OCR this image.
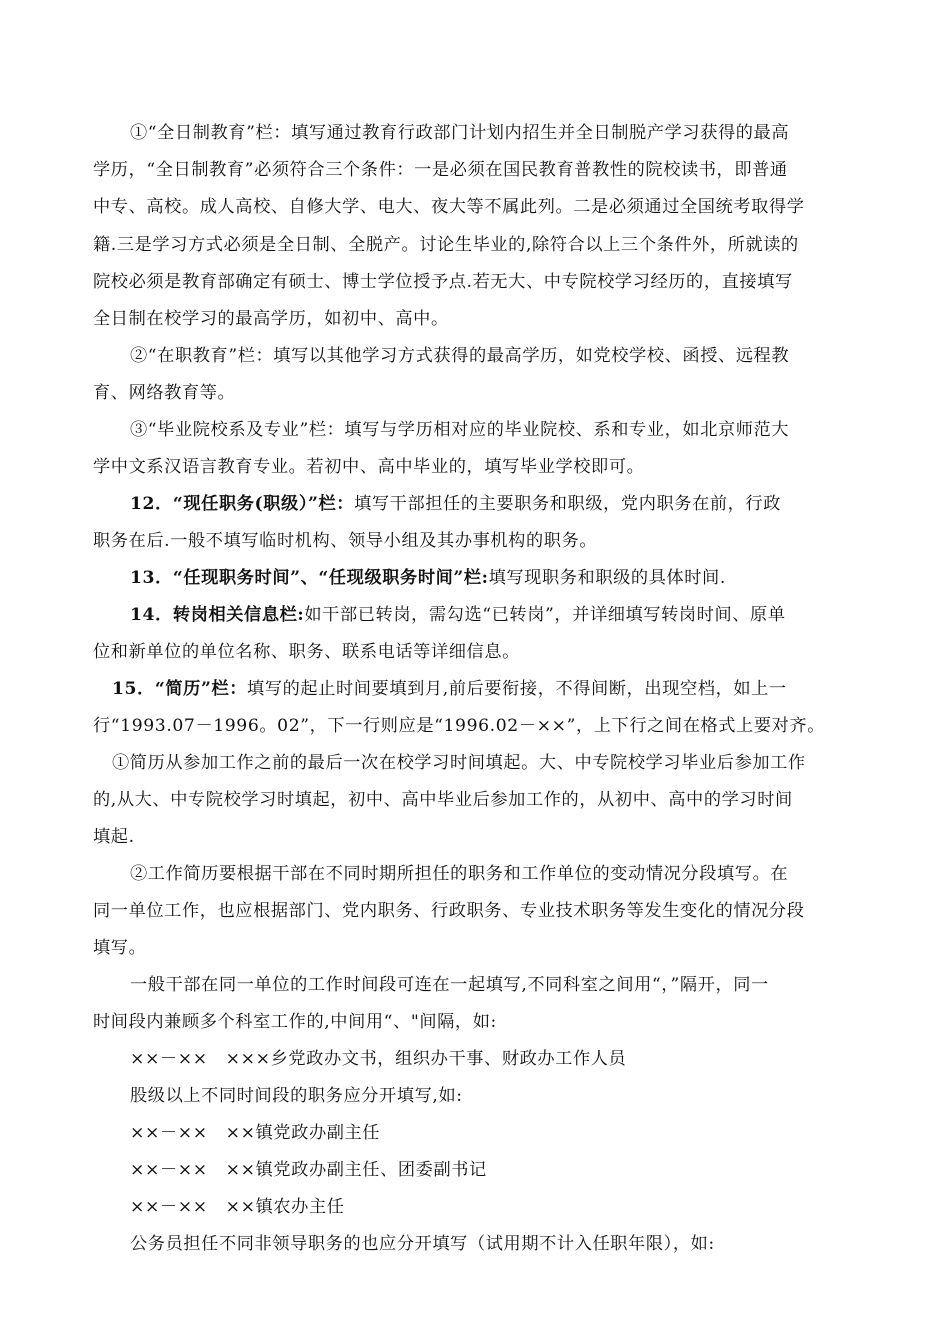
①“全日制教育”栏：填写通过教育行政部门计划内招生并全日制脱产学习获得的最高
学历，“全日制教育”必须符合三个条件：一是必须在国民教育普教性的院校读书，即普通
中专、高校。成人高校、自修大学、电大、夜大等不属此列。二是必须通过全国统考取得学
籍.三是学习方式必须是全日制、全脱产。讨论生毕业的,除符合以上三个条件外，所就读的
院校必须是教育部确定有硕士、博士学位授予点.若无大、中专院校学习经历的，直接填写
全日制在校学习的最高学历，如初中、高中。
②“在职教育”栏：填写以其他学习方式获得的最高学历，如党校学校、函授、远程教
育、网络教育等。
③“毕业院校系及专业”栏：填写与学历相对应的毕业院校、系和专业，如北京师范大
学中文系汉语言教育专业。若初中、高中毕业的，填写毕业学校即可。
12．“现任职务(职级）”栏：填写干部担任的主要职务和职级，党内职务在前，行政
职务在后.一般不填写临时机构、领导小组及其办事机构的职务。
13．“任现职务时间”、“任现级职务时间”栏:填写现职务和职级的具体时间.
14．转岗相关信息栏:如干部已转岗，需勾选“已转岗”，并详细填写转岗时间、原单
位和新单位的单位名称、职务、联系电话等详细信息。
15．“简历”栏：填写的起止时间要填到月,前后要衔接，不得间断，出现空档，如上一
行“1993.07－1996。02”，下一行则应是“1996.02－××”，上下行之间在格式上要对齐。
①简历从参加工作之前的最后一次在校学习时间填起。大、中专院校学习毕业后参加工作
的,从大、中专院校学习时填起，初中、高中毕业后参加工作的，从初中、高中的学习时间
填起.
②工作简历要根据干部在不同时期所担任的职务和工作单位的变动情况分段填写。在
同一单位工作，也应根据部门、党内职务、行政职务、专业技术职务等发生变化的情况分段
填写。
一般干部在同一单位的工作时间段可连在一起填写,不同科室之间用“，”隔开，同一
时间段内兼顾多个科室工作的,中间用“、"间隔，如:
××－××　×××乡党政办文书，组织办干事、财政办工作人员
股级以上不同时间段的职务应分开填写,如:
××－××　××镇党政办副主任
××－××　××镇党政办副主任、团委副书记
××－××　××镇农办主任
公务员担任不同非领导职务的也应分开填写（试用期不计入任职年限），如:
